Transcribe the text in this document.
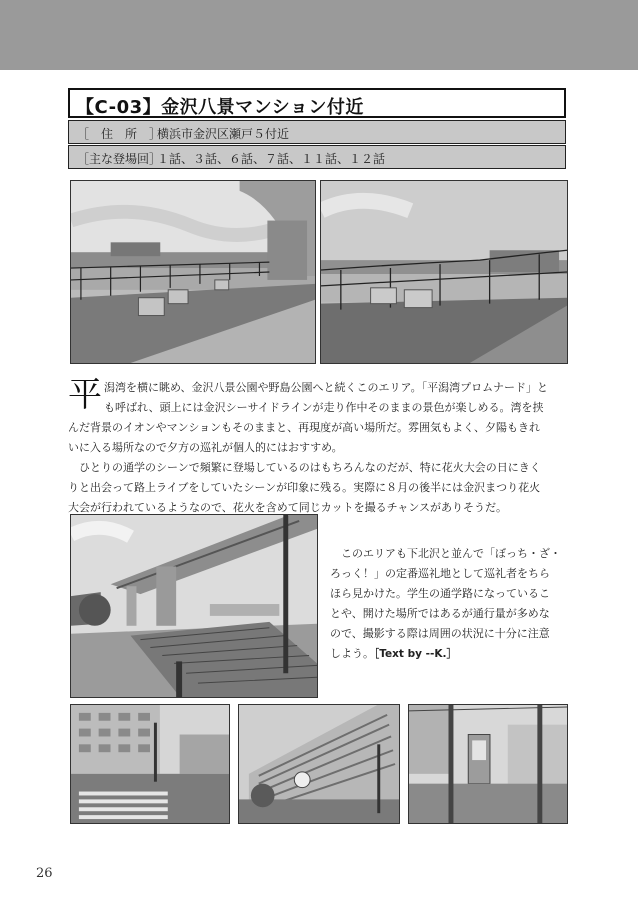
【C-03】金沢八景マンション付近
［　住　所　］
横浜市金沢区瀬戸５付近
［主な登場回］
１話、３話、６話、７話、１１話、１２話
平 潟湾を横に眺め、金沢八景公園や野島公園へと続くこのエリア。「平潟湾プロムナード」と
も呼ばれ、頭上には金沢シーサイドラインが走り作中そのままの景色が楽しめる。湾を挟
んだ背景のイオンやマンションもそのままと、再現度が高い場所だ。雰囲気もよく、夕陽もきれ
いに入る場所なので夕方の巡礼が個人的にはおすすめ。
　ひとりの通学のシーンで頻繁に登場しているのはもちろんなのだが、特に花火大会の日にきく
りと出会って路上ライブをしていたシーンが印象に残る。実際に８月の後半には金沢まつり花火
大会が行われているようなので、花火を含めて同じカットを撮るチャンスがありそうだ。
　このエリアも下北沢と並んで「ぼっち・ざ・
ろっく！」の定番巡礼地として巡礼者をちら
ほら見かけた。学生の通学路になっているこ
とや、開けた場所ではあるが通行量が多めな
ので、撮影する際は周囲の状況に十分に注意
しよう。［Text by --K.］
26
